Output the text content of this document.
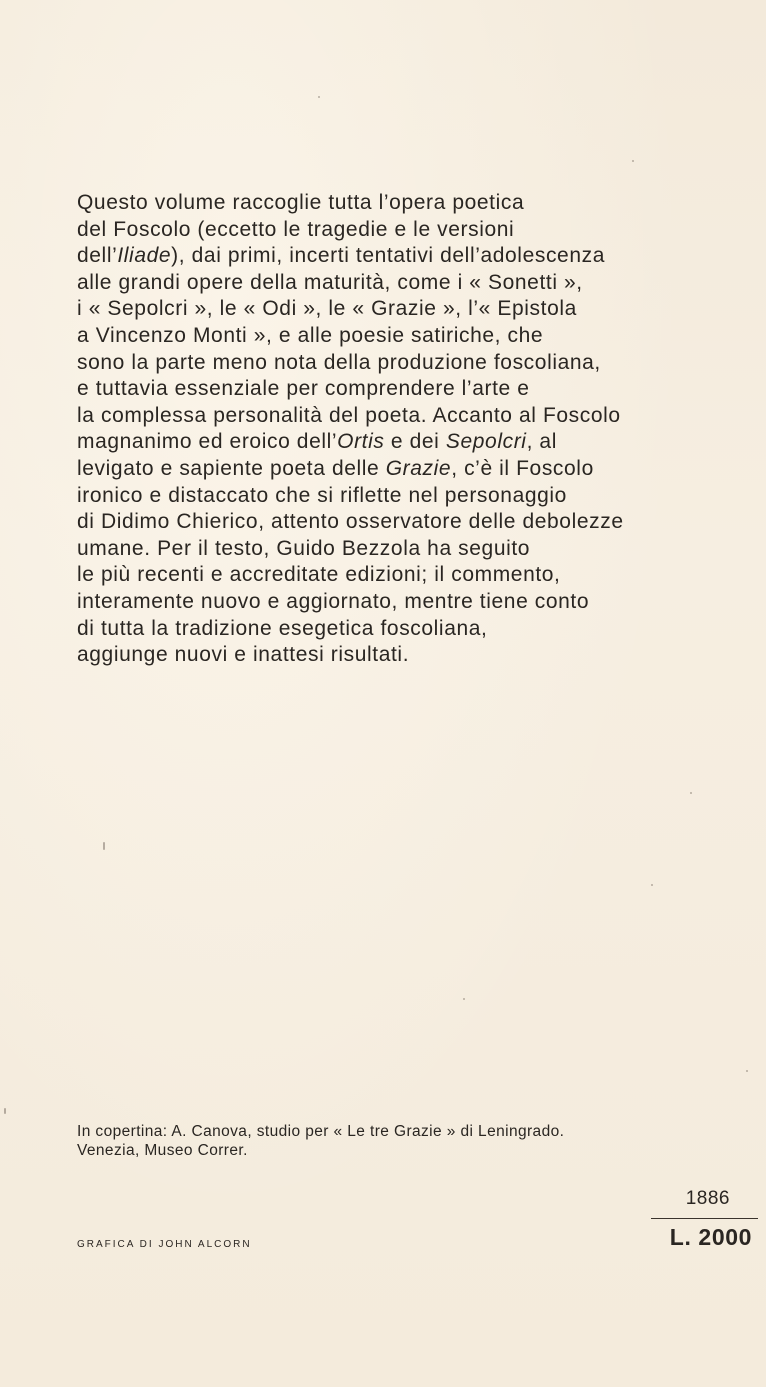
Questo volume raccoglie tutta l’opera poetica
del Foscolo (eccetto le tragedie e le versioni
dell’Iliade), dai primi, incerti tentativi dell’adolescenza
alle grandi opere della maturità, come i « Sonetti »,
i « Sepolcri », le « Odi », le « Grazie », l’« Epistola
a Vincenzo Monti », e alle poesie satiriche, che
sono la parte meno nota della produzione foscoliana,
e tuttavia essenziale per comprendere l’arte e
la complessa personalità del poeta. Accanto al Foscolo
magnanimo ed eroico dell’Ortis e dei Sepolcri, al
levigato e sapiente poeta delle Grazie, c’è il Foscolo
ironico e distaccato che si riflette nel personaggio
di Didimo Chierico, attento osservatore delle debolezze
umane. Per il testo, Guido Bezzola ha seguito
le più recenti e accreditate edizioni; il commento,
interamente nuovo e aggiornato, mentre tiene conto
di tutta la tradizione esegetica foscoliana,
aggiunge nuovi e inattesi risultati.
In copertina: A. Canova, studio per « Le tre Grazie » di Leningrado.
Venezia, Museo Correr.
GRAFICA DI JOHN ALCORN
1886
L. 2000
